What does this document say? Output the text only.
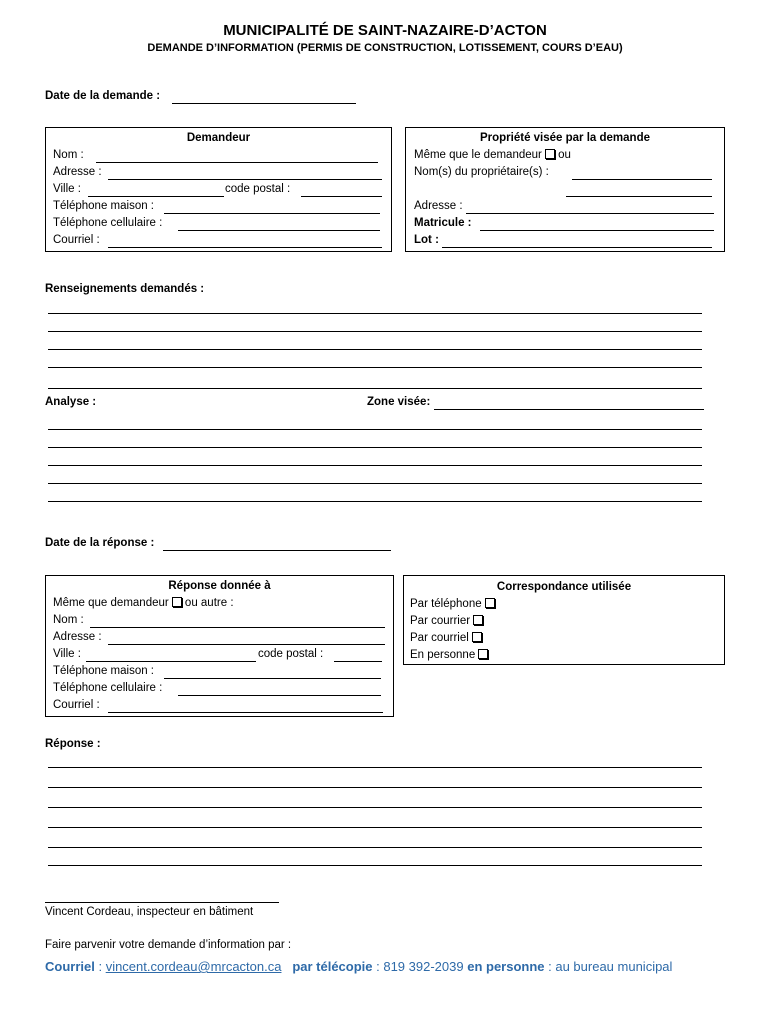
MUNICIPALITÉ DE SAINT-NAZAIRE-D’ACTON
DEMANDE D’INFORMATION (PERMIS DE CONSTRUCTION, LOTISSEMENT, COURS D’EAU)
Date de la demande :
Demandeur
Nom :
Adresse :
Ville :	code postal :
Téléphone maison :
Téléphone cellulaire :
Courriel :
Propriété visée par la demande
Même que le demandeur ou
Nom(s) du propriétaire(s) :
Adresse :
Matricule :
Lot :
Renseignements demandés :
Analyse :	Zone visée:
Date de la réponse :
Réponse donnée à
Même que demandeur ou autre :
Nom :
Adresse :
Ville :	code postal :
Téléphone maison :
Téléphone cellulaire :
Courriel :
Correspondance utilisée
Par téléphone
Par courrier
Par courriel
En personne
Réponse :
Vincent Cordeau, inspecteur en bâtiment
Faire parvenir votre demande d’information par :
Courriel : vincent.cordeau@mrcacton.ca par télécopie : 819 392-2039 en personne : au bureau municipal
